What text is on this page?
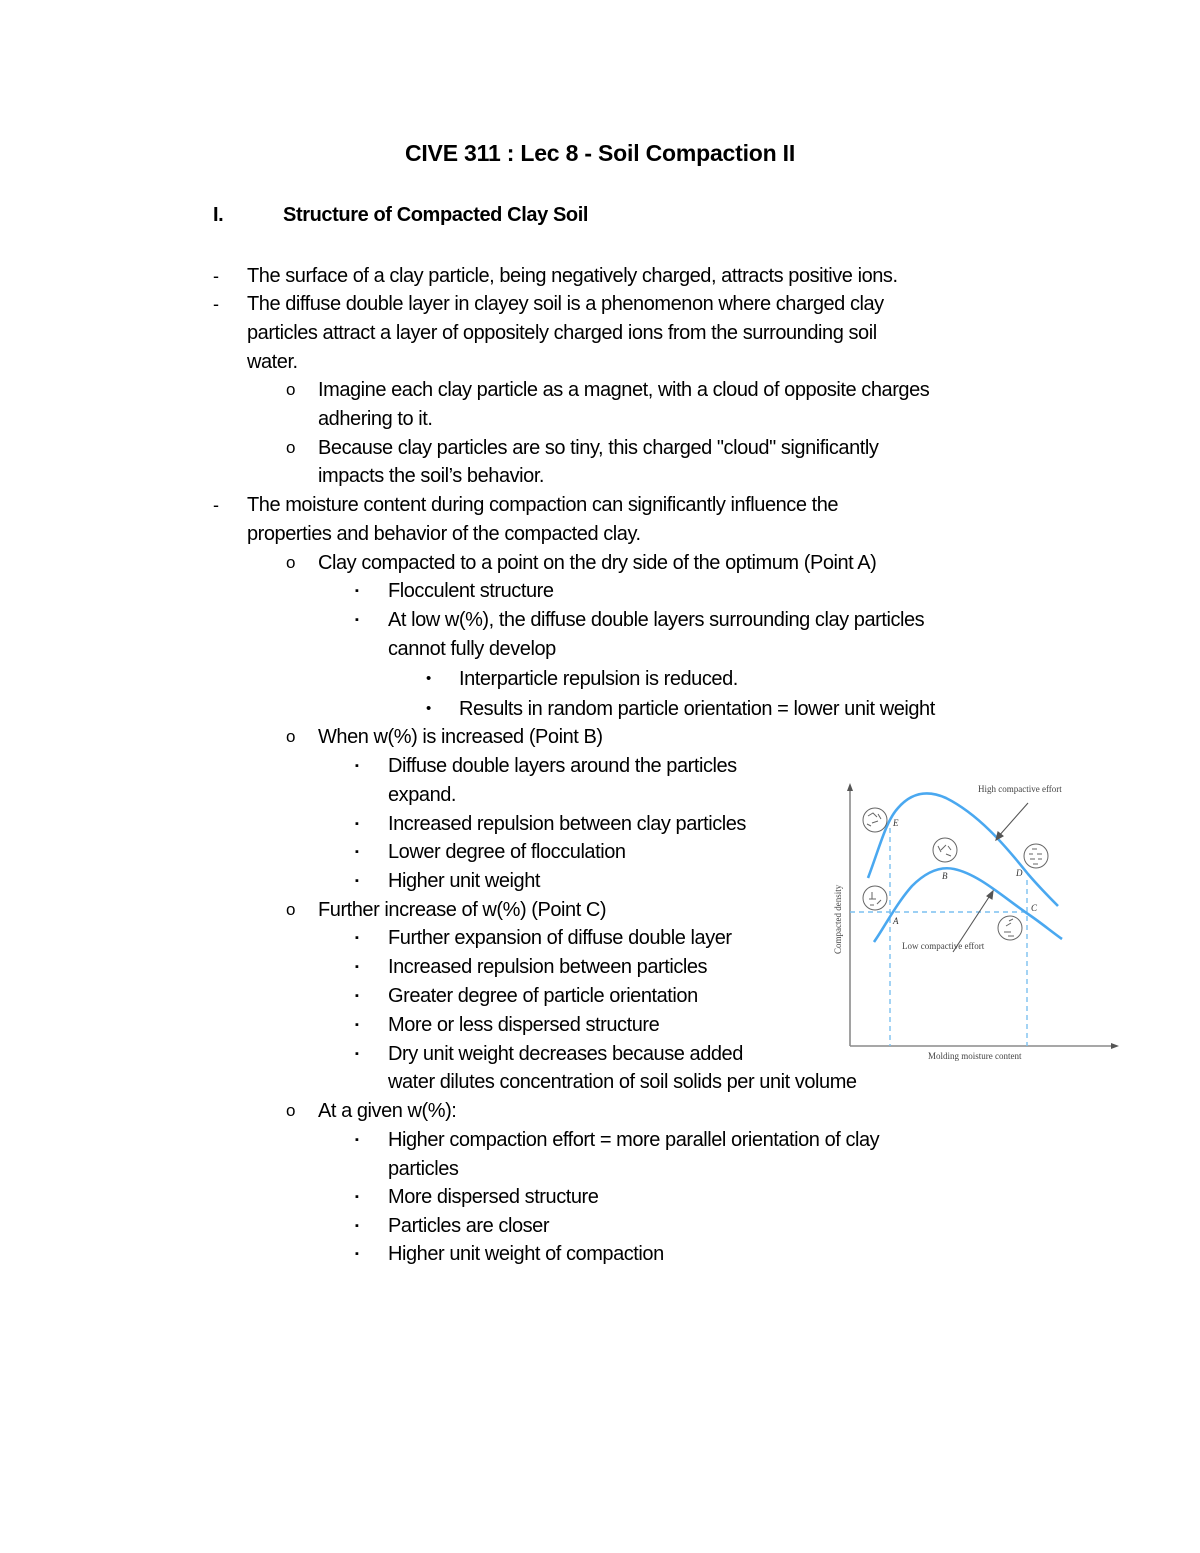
CIVE 311 : Lec 8 - Soil Compaction II
I.	Structure of Compacted Clay Soil
- The surface of a clay particle, being negatively charged, attracts positive ions.
- The diffuse double layer in clayey soil is a phenomenon where charged clay
particles attract a layer of oppositely charged ions from the surrounding soil
water.
o Imagine each clay particle as a magnet, with a cloud of opposite charges
adhering to it.
o Because clay particles are so tiny, this charged "cloud" significantly
impacts the soil’s behavior.
- The moisture content during compaction can significantly influence the
properties and behavior of the compacted clay.
o Clay compacted to a point on the dry side of the optimum (Point A)
▪ Flocculent structure
▪ At low w(%), the diffuse double layers surrounding clay particles
cannot fully develop
• Interparticle repulsion is reduced.
• Results in random particle orientation = lower unit weight
o When w(%) is increased (Point B)
▪ Diffuse double layers around the particles
expand.
▪ Increased repulsion between clay particles
▪ Lower degree of flocculation
▪ Higher unit weight
o Further increase of w(%) (Point C)
▪ Further expansion of diffuse double layer
▪ Increased repulsion between particles
▪ Greater degree of particle orientation
▪ More or less dispersed structure
▪ Dry unit weight decreases because added
water dilutes concentration of soil solids per unit volume
o At a given w(%):
▪ Higher compaction effort = more parallel orientation of clay
particles
▪ More dispersed structure
▪ Particles are closer
▪ Higher unit weight of compaction
E
A
B	D
C
High compactive effort
Low compactive effort
Molding moisture content
Compacted density
